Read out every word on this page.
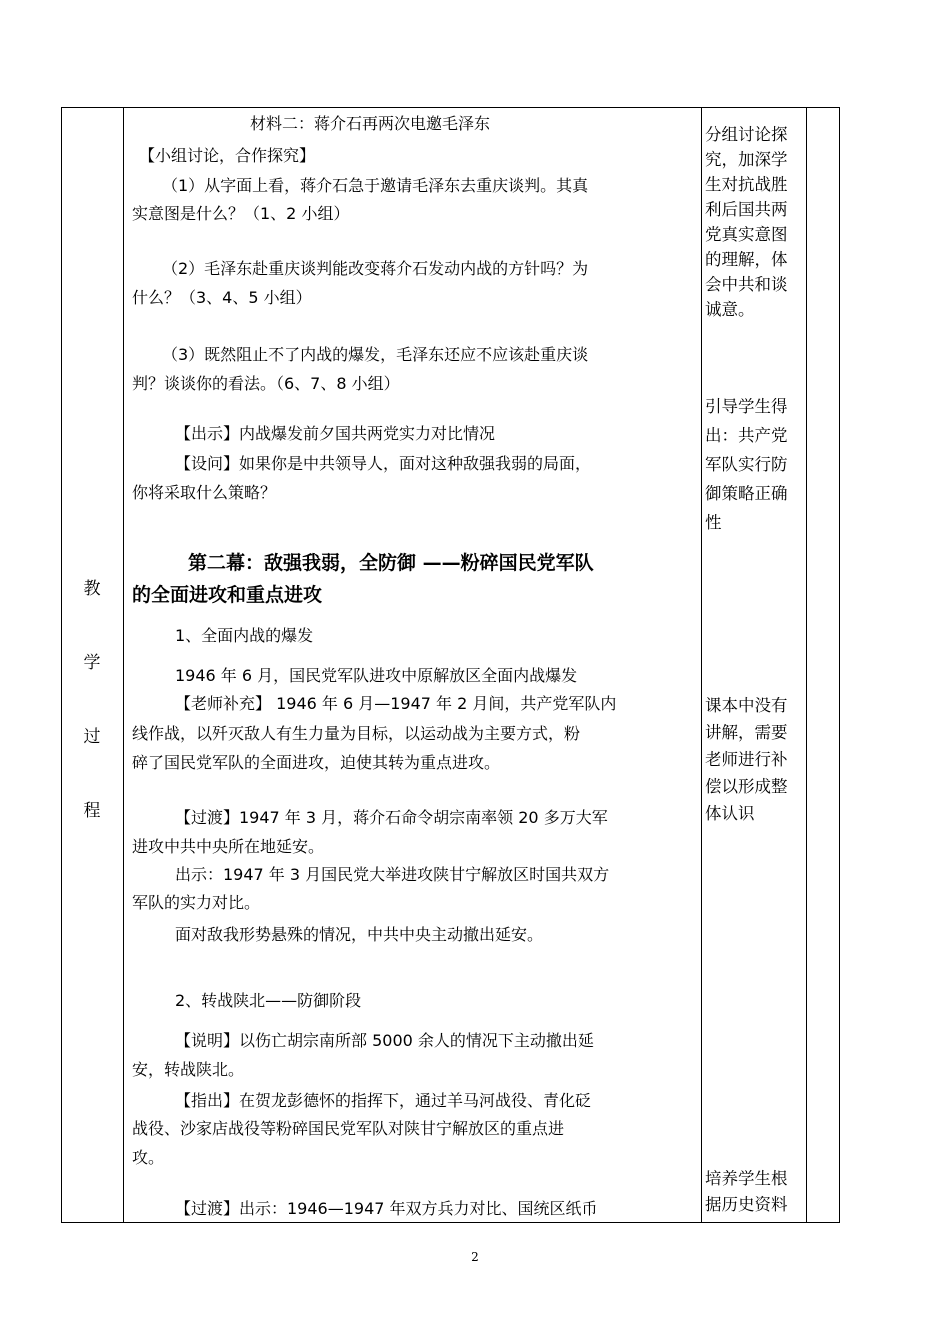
教
学
过
程
材料二：蒋介石再两次电邀毛泽东
【小组讨论，合作探究】
（1）从字面上看，蒋介石急于邀请毛泽东去重庆谈判。其真
实意图是什么？（1、2 小组）
（2）毛泽东赴重庆谈判能改变蒋介石发动内战的方针吗？为
什么？（3、4、5 小组）
（3）既然阻止不了内战的爆发，毛泽东还应不应该赴重庆谈
判？谈谈你的看法。（6、7、8 小组）
【出示】内战爆发前夕国共两党实力对比情况
【设问】如果你是中共领导人，面对这种敌强我弱的局面，
你将采取什么策略？
第二幕：敌强我弱，全防御 ——粉碎国民党军队
的全面进攻和重点进攻
1、全面内战的爆发
1946 年 6 月，国民党军队进攻中原解放区全面内战爆发
【老师补充】 1946 年 6 月—1947 年 2 月间，共产党军队内
线作战，以歼灭敌人有生力量为目标，以运动战为主要方式，粉
碎了国民党军队的全面进攻，迫使其转为重点进攻。
【过渡】1947 年 3 月，蒋介石命令胡宗南率领 20 多万大军
进攻中共中央所在地延安。
出示：1947 年 3 月国民党大举进攻陕甘宁解放区时国共双方
军队的实力对比。
面对敌我形势悬殊的情况，中共中央主动撤出延安。
2、转战陕北——防御阶段
【说明】以伤亡胡宗南所部 5000 余人的情况下主动撤出延
安，转战陕北。
【指出】在贺龙彭德怀的指挥下，通过羊马河战役、青化砭
战役、沙家店战役等粉碎国民党军队对陕甘宁解放区的重点进
攻。
【过渡】出示：1946—1947 年双方兵力对比、国统区纸币
分组讨论探
究，加深学
生对抗战胜
利后国共两
党真实意图
的理解，体
会中共和谈
诚意。
引导学生得
出：共产党
军队实行防
御策略正确
性
课本中没有
讲解，需要
老师进行补
偿以形成整
体认识
培养学生根
据历史资料
2
